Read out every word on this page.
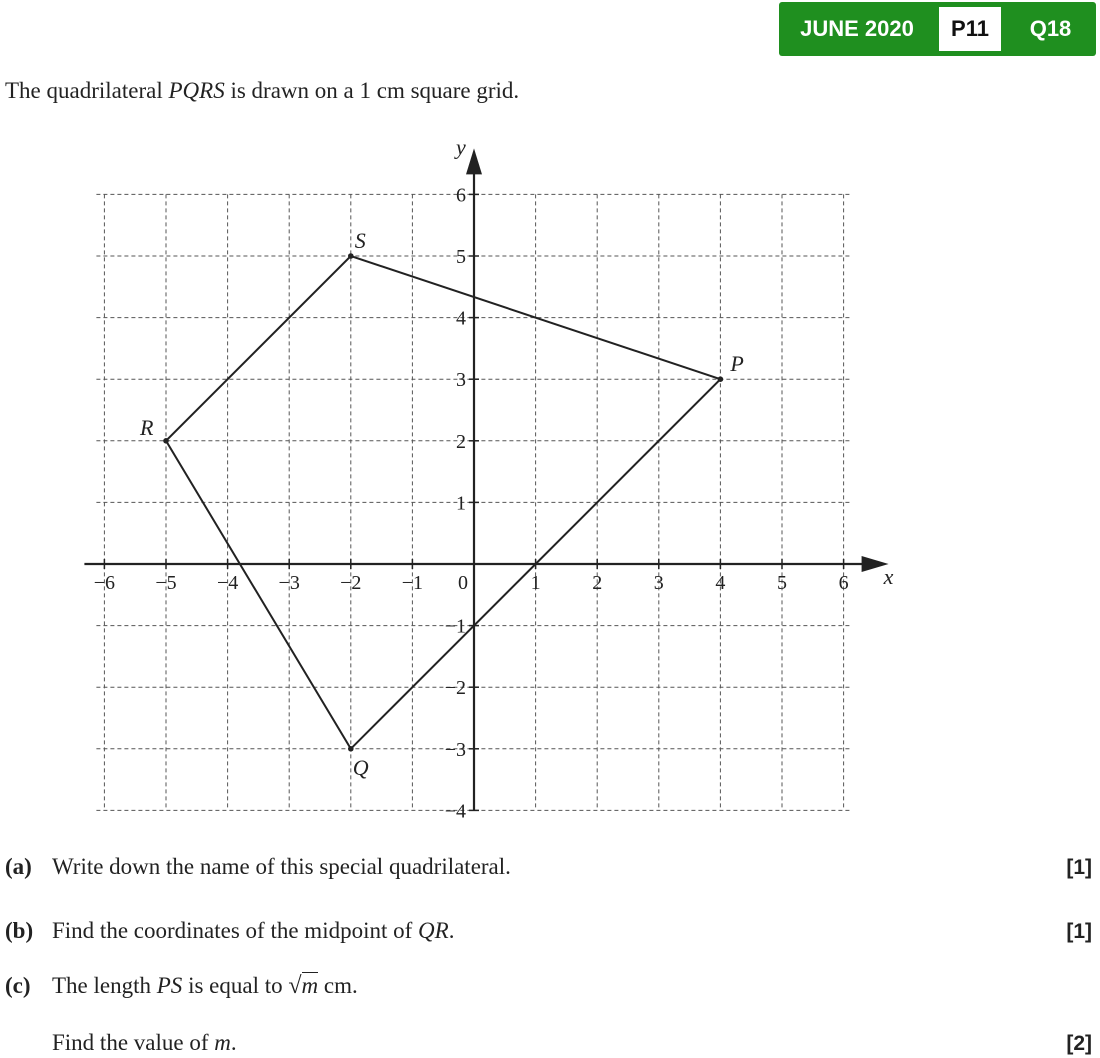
JUNE 2020	P11	Q18
The quadrilateral PQRS is drawn on a 1 cm square grid.
x
y
0
−6 −5 −4 −3 −2 −1	1	2	3	4	5	6
−4
−3
−2
−1
1
2
3
4
5
6
P
Q
R
S
(a) Write down the name of this special quadrilateral.	[1]
(b) Find the coordinates of the midpoint of QR.	[1]
(c) The length PS is equal to √m cm.
Find the value of m.	[2]
